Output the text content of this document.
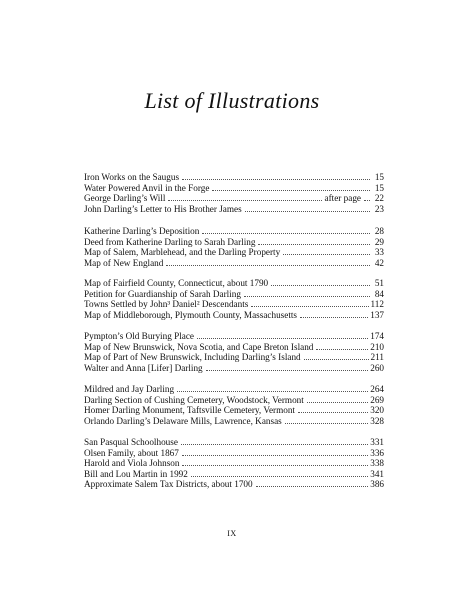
List of Illustrations
Iron Works on the Saugus	15
Water Powered Anvil in the Forge	15
George Darling’s Will	after page	22
John Darling’s Letter to His Brother James	23
Katherine Darling’s Deposition	28
Deed from Katherine Darling to Sarah Darling	29
Map of Salem, Marblehead, and the Darling Property	33
Map of New England	42
Map of Fairfield County, Connecticut, about 1790	51
Petition for Guardianship of Sarah Darling	84
Towns Settled by John³ Daniel² Descendants	112
Map of Middleborough, Plymouth County, Massachusetts	137
Pympton’s Old Burying Place	174
Map of New Brunswick, Nova Scotia, and Cape Breton Island	210
Map of Part of New Brunswick, Including Darling’s Island	211
Walter and Anna [Lifer] Darling	260
Mildred and Jay Darling	264
Darling Section of Cushing Cemetery, Woodstock, Vermont	269
Homer Darling Monument, Taftsville Cemetery, Vermont	320
Orlando Darling’s Delaware Mills, Lawrence, Kansas	328
San Pasqual Schoolhouse	331
Olsen Family, about 1867	336
Harold and Viola Johnson	338
Bill and Lou Martin in 1992	341
Approximate Salem Tax Districts, about 1700	386
IX
